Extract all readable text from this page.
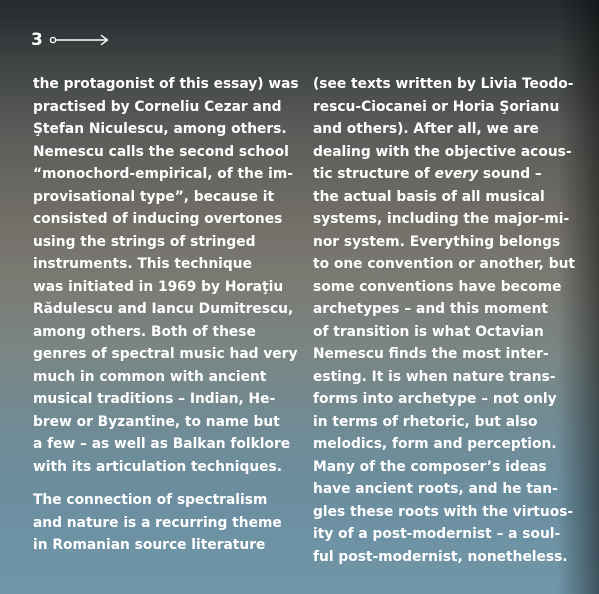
3
the protagonist of this essay) was
practised by Corneliu Cezar and
Ştefan Niculescu, among others.
Nemescu calls the second school
“monochord-empirical, of the im-
provisational type”, because it
consisted of inducing overtones
using the strings of stringed
instruments. This technique
was initiated in 1969 by Horaţiu
Rădulescu and Iancu Dumitrescu,
among others. Both of these
genres of spectral music had very
much in common with ancient
musical traditions – Indian, He-
brew or Byzantine, to name but
a few – as well as Balkan folklore
with its articulation techniques.
The connection of spectralism
and nature is a recurring theme
in Romanian source literature
(see texts written by Livia Teodo-
rescu-Ciocanei or Horia Şorianu
and others). After all, we are
dealing with the objective acous-
tic structure of every sound –
the actual basis of all musical
systems, including the major-mi-
nor system. Everything belongs
to one convention or another, but
some conventions have become
archetypes – and this moment
of transition is what Octavian
Nemescu finds the most inter-
esting. It is when nature trans-
forms into archetype – not only
in terms of rhetoric, but also
melodics, form and perception.
Many of the composer’s ideas
have ancient roots, and he tan-
gles these roots with the virtuos-
ity of a post-modernist – a soul-
ful post-modernist, nonetheless.
